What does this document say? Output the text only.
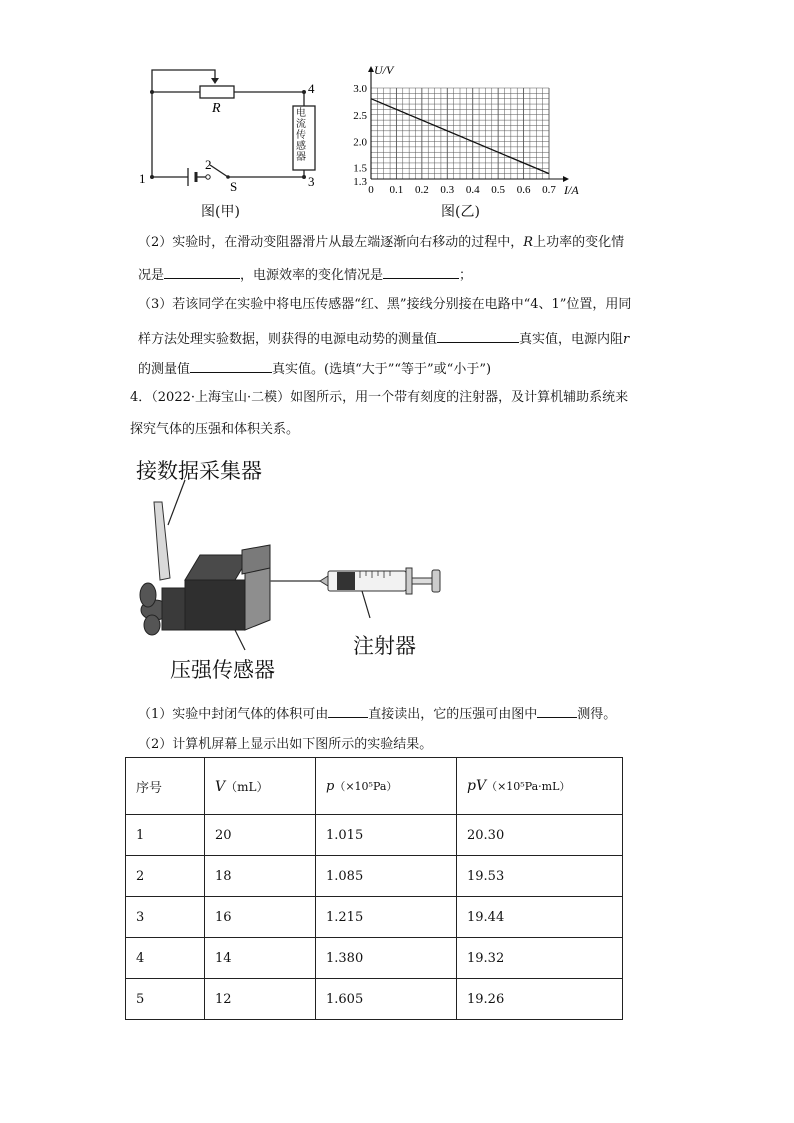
R
4
3
1
2
S
电流传感器
图(甲)
0 0.1 0.2 0.3 0.4 0.5 0.6 0.7
1.3
1.5
2.0
2.5
3.0
U/V
I/A
图(乙)
（2）实验时，在滑动变阻器滑片从最左端逐渐向右移动的过程中，R上功率的变化情
况是	，电源效率的变化情况是	；
（3）若该同学在实验中将电压传感器“红、黑”接线分别接在电路中“4、1”位置，用同
样方法处理实验数据，则获得的电源电动势的测量值	真实值，电源内阻r
的测量值	真实值。(选填“大于”“等于”或“小于”)
4．（2022·上海宝山·二模）如图所示，用一个带有刻度的注射器，及计算机辅助系统来
探究气体的压强和体积关系。
接数据采集器
注射器
压强传感器
（1）实验中封闭气体的体积可由	直接读出，它的压强可由图中	测得。
（2）计算机屏幕上显示出如下图所示的实验结果。
序号	V（mL）	p（×10⁵Pa）	pV（×10⁵Pa·mL）
1	20	1.015	20.30
2	18	1.085	19.53
3	16	1.215	19.44
4	14	1.380	19.32
5	12	1.605	19.26
